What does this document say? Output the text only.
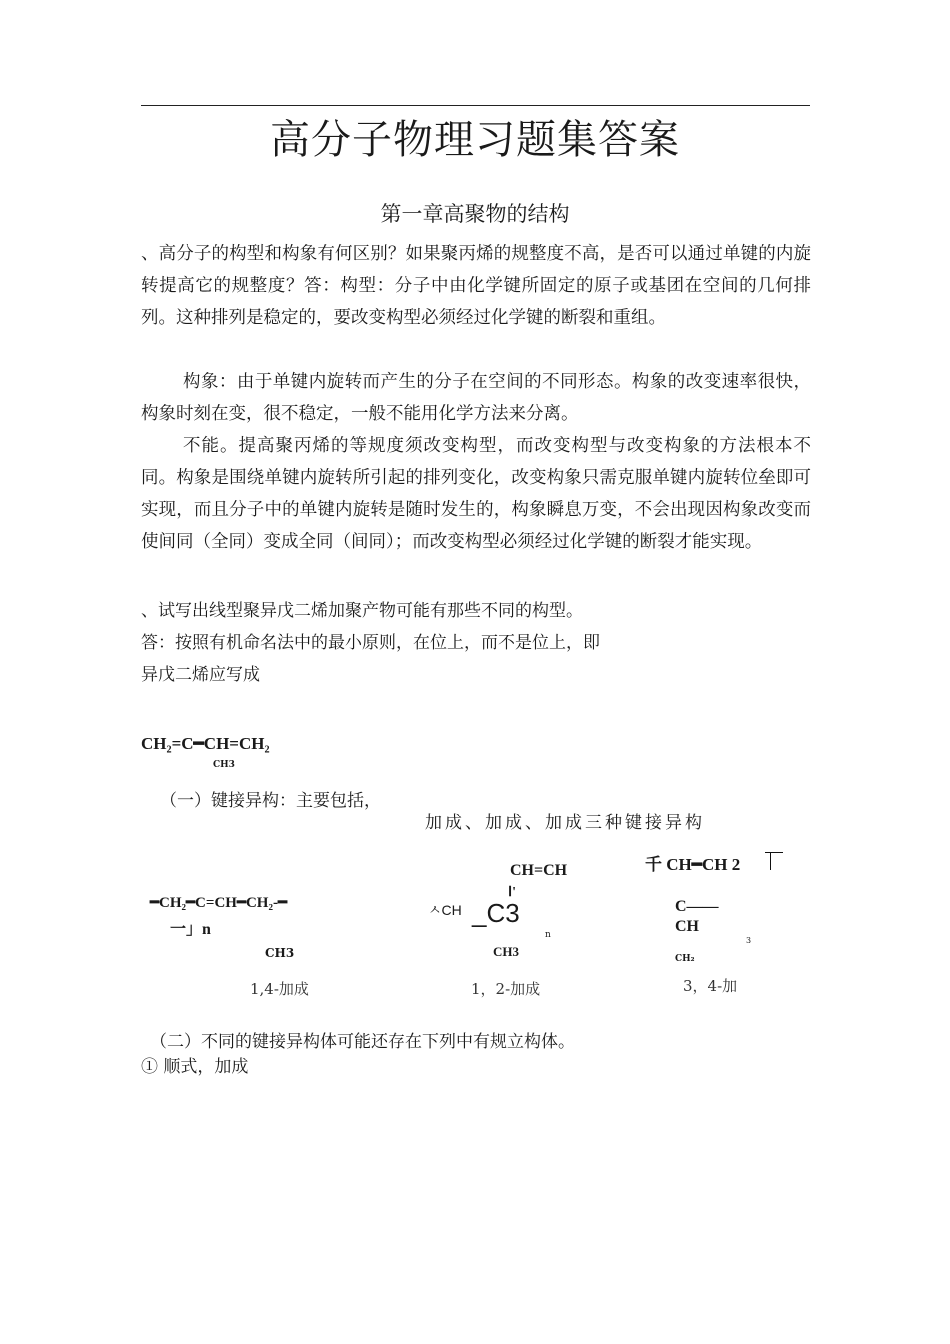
高分子物理习题集答案
第一章高聚物的结构
、高分子的构型和构象有何区别？如果聚丙烯的规整度不高，是否可以通过单键的内旋转提高它的规整度？答：构型：分子中由化学键所固定的原子或基团在空间的几何排列。这种排列是稳定的，要改变构型必须经过化学键的断裂和重组。
构象：由于单键内旋转而产生的分子在空间的不同形态。构象的改变速率很快，构象时刻在变，很不稳定，一般不能用化学方法来分离。
不能。提高聚丙烯的等规度须改变构型，而改变构型与改变构象的方法根本不同。构象是围绕单键内旋转所引起的排列变化，改变构象只需克服单键内旋转位垒即可实现，而且分子中的单键内旋转是随时发生的，构象瞬息万变，不会出现因构象改变而使间同（全同）变成全同（间同）；而改变构型必须经过化学键的断裂才能实现。
、试写出线型聚异戊二烯加聚产物可能有那些不同的构型。
答：按照有机命名法中的最小原则，在位上，而不是位上，即
异戊二烯应写成
CH₂=C━CH=CH₂
CH3
（一）键接异构：主要包括，
加成、加成、加成三种键接异构
━CH₂━C=CH━CH₂-━
一」n
CH3
1,4-加成
CH=CH
Ⅰ'
ㅅCH _C3
n
CH3
1，2-加成
千 CH━CH 2
C——
CH
3
CH₂
3，4-加
（二）不同的键接异构体可能还存在下列中有规立构体。
① 顺式，加成
